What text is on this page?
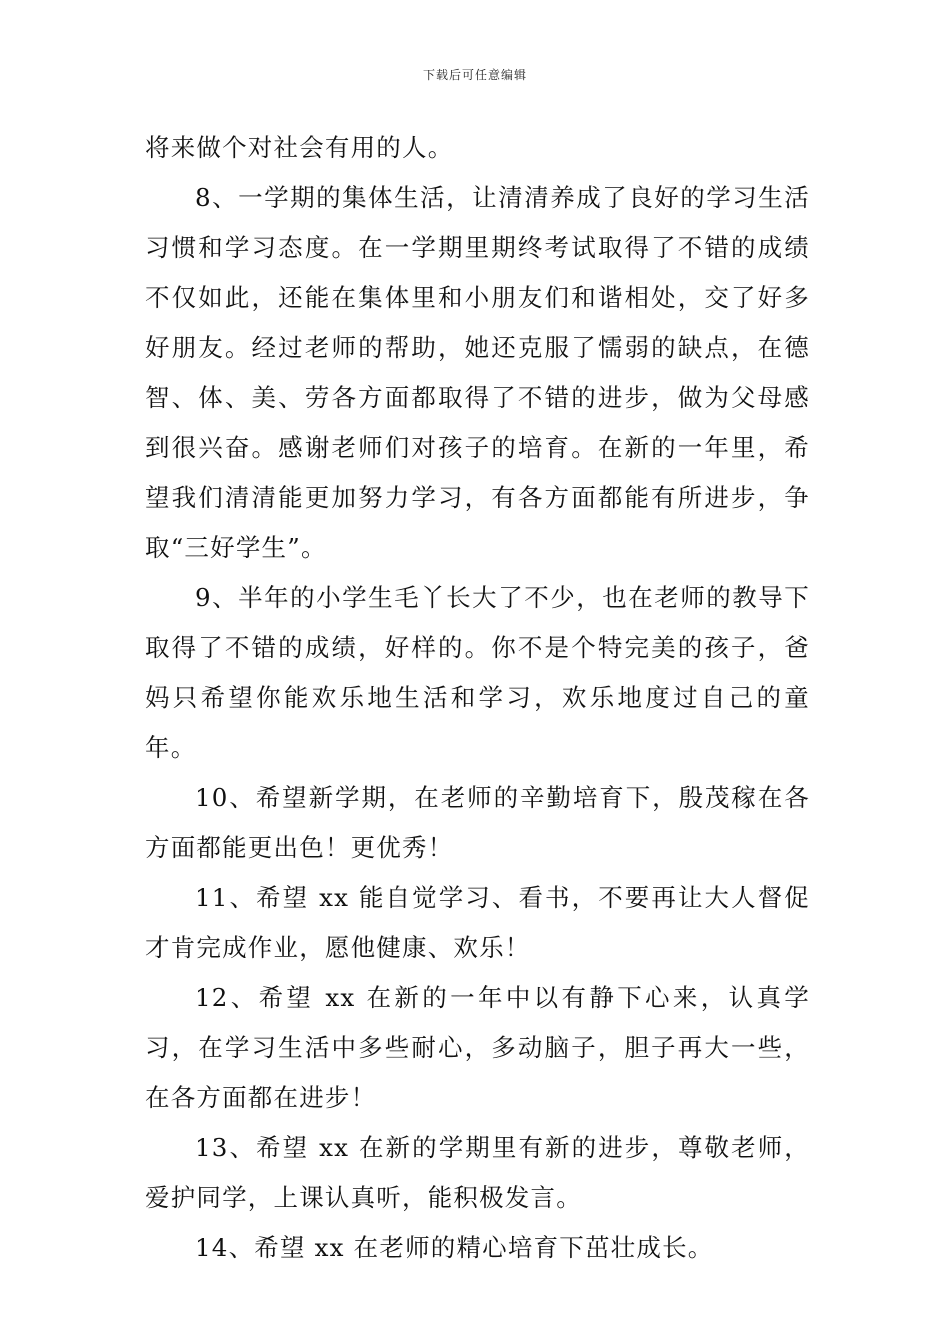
下载后可任意编辑

将来做个对社会有用的人。

8、一学期的集体生活，让清清养成了良好的学习生活习惯和学习态度。在一学期里期终考试取得了不错的成绩不仅如此，还能在集体里和小朋友们和谐相处，交了好多好朋友。经过老师的帮助，她还克服了懦弱的缺点，在德智、体、美、劳各方面都取得了不错的进步，做为父母感到很兴奋。感谢老师们对孩子的培育。在新的一年里，希望我们清清能更加努力学习，有各方面都能有所进步，争取“三好学生”。

9、半年的小学生毛丫长大了不少，也在老师的教导下取得了不错的成绩，好样的。你不是个特完美的孩子，爸妈只希望你能欢乐地生活和学习，欢乐地度过自己的童年。

10、希望新学期，在老师的辛勤培育下，殷茂稼在各方面都能更出色！更优秀！

11、希望 xx 能自觉学习、看书，不要再让大人督促才肯完成作业，愿他健康、欢乐！

12、希望 xx 在新的一年中以有静下心来，认真学习，在学习生活中多些耐心，多动脑子，胆子再大一些，在各方面都在进步！

13、希望 xx 在新的学期里有新的进步，尊敬老师，爱护同学，上课认真听，能积极发言。

14、希望 xx 在老师的精心培育下茁壮成长。
